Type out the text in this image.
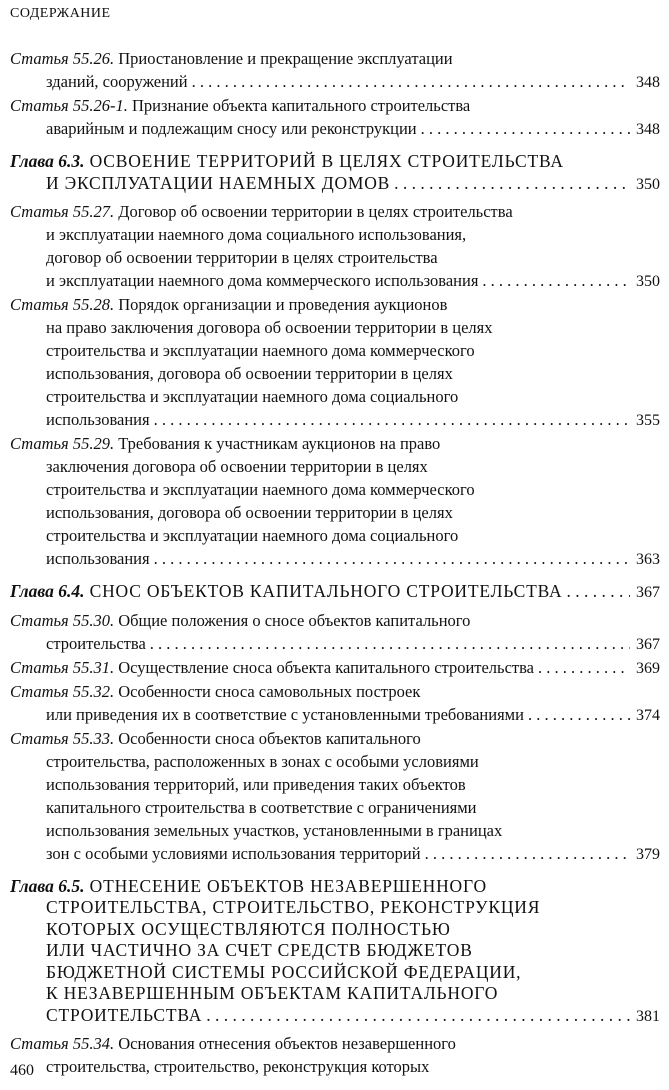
СОДЕРЖАНИЕ
Статья 55.26. Приостановление и прекращение эксплуатации
зданий, сооружений . . .	348
Статья 55.26-1. Признание объекта капитального строительства
аварийным и подлежащим сносу или реконструкции . . .	348
Глава 6.3. ОСВОЕНИЕ ТЕРРИТОРИЙ В ЦЕЛЯХ СТРОИТЕЛЬСТВА
И ЭКСПЛУАТАЦИИ НАЕМНЫХ ДОМОВ . . .	350
Статья 55.27. Договор об освоении территории в целях строительства
и эксплуатации наемного дома социального использования,
договор об освоении территории в целях строительства
и эксплуатации наемного дома коммерческого использования . . .	350
Статья 55.28. Порядок организации и проведения аукционов
на право заключения договора об освоении территории в целях
строительства и эксплуатации наемного дома коммерческого
использования, договора об освоении территории в целях
строительства и эксплуатации наемного дома социального
использования . . .	355
Статья 55.29. Требования к участникам аукционов на право
заключения договора об освоении территории в целях
строительства и эксплуатации наемного дома коммерческого
использования, договора об освоении территории в целях
строительства и эксплуатации наемного дома социального
использования . . .	363
Глава 6.4. СНОС ОБЪЕКТОВ КАПИТАЛЬНОГО СТРОИТЕЛЬСТВА . . .	367
Статья 55.30. Общие положения о сносе объектов капитального
строительства . . .	367
Статья 55.31. Осуществление сноса объекта капитального строительства . . .	369
Статья 55.32. Особенности сноса самовольных построек
или приведения их в соответствие с установленными требованиями . . .	374
Статья 55.33. Особенности сноса объектов капитального
строительства, расположенных в зонах с особыми условиями
использования территорий, или приведения таких объектов
капитального строительства в соответствие с ограничениями
использования земельных участков, установленными в границах
зон с особыми условиями использования территорий . . .	379
Глава 6.5. ОТНЕСЕНИЕ ОБЪЕКТОВ НЕЗАВЕРШЕННОГО
СТРОИТЕЛЬСТВА, СТРОИТЕЛЬСТВО, РЕКОНСТРУКЦИЯ
КОТОРЫХ ОСУЩЕСТВЛЯЮТСЯ ПОЛНОСТЬЮ
ИЛИ ЧАСТИЧНО ЗА СЧЕТ СРЕДСТВ БЮДЖЕТОВ
БЮДЖЕТНОЙ СИСТЕМЫ РОССИЙСКОЙ ФЕДЕРАЦИИ,
К НЕЗАВЕРШЕННЫМ ОБЪЕКТАМ КАПИТАЛЬНОГО
СТРОИТЕЛЬСТВА . . .	381
Статья 55.34. Основания отнесения объектов незавершенного
строительства, строительство, реконструкция которых
460
